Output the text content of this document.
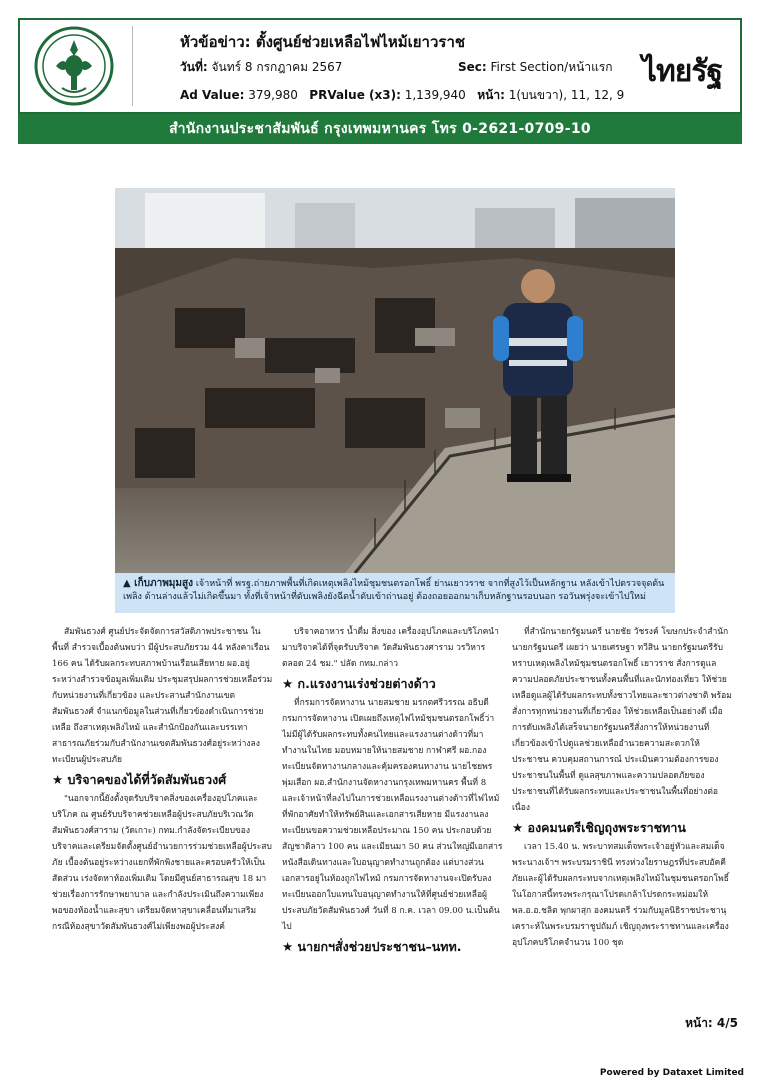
หัวข้อข่าว: ตั้งศูนย์ช่วยเหลือไฟไหม้เยาวราช
วันที่: จันทร์ 8 กรกฎาคม 2567	Sec: First Section/หน้าแรก
Ad Value: 379,980 PRValue (x3): 1,139,940 หน้า: 1(บนขวา), 11, 12, 9
ไทยรัฐ
สำนักงานประชาสัมพันธ์ กรุงเทพมหานคร โทร 0-2621-0709-10
▲ เก็บภาพมุมสูง เจ้าหน้าที่ พรฐ.ถ่ายภาพพื้นที่เกิดเหตุเพลิงไหม้ชุมชนตรอกโพธิ์ ย่านเยาวราช จากที่สูงไว้เป็นหลักฐาน หลังเข้าไปตรวจจุดต้นเพลิง ด้านล่างแล้วไม่เกิดขึ้นมา ทั้งที่เจ้าหน้าที่ดับเพลิงยังฉีดน้ำดับเข้าถ่านอยู่ ต้องถอยออกมาเก็บหลักฐานรอบนอก รอวันพรุ่งจะเข้าไปใหม่

สัมพันธวงศ์ ศูนย์ประจัดจัดการสวัสดิภาพประชาชน ในพื้นที่ สำรวจเบื้องต้นพบว่า มีผู้ประสบภัยรวม 44 หลังคาเรือน 166 คน ได้รับผลกระทบสภาพบ้านเรือนเสียหาย ผอ.อยู่ระหว่างสำรวจข้อมูลเพิ่มเติม ประชุมสรุปผลการช่วยเหลือร่วมกับหน่วยงานที่เกี่ยวข้อง และประสานสำนักงานเขตสัมพันธวงศ์ จำแนกข้อมูลในส่วนที่เกี่ยวข้องดำเนินการช่วยเหลือ ถึงสาเหตุเพลิงไหม้ และสำนักป้องกันและบรรเทาสาธารณภัยร่วมกับสำนักงานเขตสัมพันธวงศ์อยู่ระหว่างลงทะเบียนผู้ประสบภัย

★ บริจาคของได้ที่วัดสัมพันธวงศ์

"นอกจากนี้ยังตั้งจุดรับบริจาคสิ่งของเครื่องอุปโภคและบริโภค ณ ศูนย์รับบริจาคช่วยเหลือผู้ประสบภัยบริเวณวัดสัมพันธวงศ์สาราม (วัดเกาะ) กทม.กำลังจัดระเบียบของบริจาคและเตรียมจัดตั้งศูนย์อำนวยการร่วมช่วยเหลือผู้ประสบภัย เบื้องต้นอยู่ระหว่างแยกที่พักพิงชายและครอบครัวให้เป็นสัดส่วน เร่งจัดหาห้องเพิ่มเติม โดยมีศูนย์สาธารณสุข 18 มาช่วยเรื่องการรักษาพยาบาล และกำลังประเมินถึงความเพียงพอของห้องน้ำและสุขา เตรียมจัดหาสุขาเคลื่อนที่มาเสริม กรณีห้องสุขาวัดสัมพันธวงศ์ไม่เพียงพอผู้ประสงค์

บริจาคอาหาร น้ำดื่ม สิ่งของ เครื่องอุปโภคและบริโภคนำมาบริจาคได้ที่จุดรับบริจาค วัดสัมพันธวงศาราม วรวิหาร ตลอด 24 ชม." ปลัด กทม.กล่าว

★ ก.แรงงานเร่งช่วยต่างด้าว

ที่กรมการจัดหางาน นายสมชาย มรกตศรีวรรณ อธิบดีกรมการจัดหางาน เปิดเผยถึงเหตุไฟไหม้ชุมชนตรอกโพธิ์ว่าไม่มีผู้ได้รับผลกระทบทั้งคนไทยและแรงงานต่างด้าวที่มาทำงานในไทย มอบหมายให้นายสมชาย กาฬาศรี ผอ.กองทะเบียนจัดหางานกลางและคุ้มครองคนหางาน นายไชยพร พุ่มเสือก ผอ.สำนักงานจัดหางานกรุงเทพมหานคร พื้นที่ 8 และเจ้าหน้าที่ลงไปในการช่วยเหลือแรงงานต่างด้าวที่ไฟไหม้ที่พักอาศัยทำให้ทรัพย์สินและเอกสารเสียหาย มีแรงงานลงทะเบียนขอความช่วยเหลือประมาณ 150 คน ประกอบด้วยสัญชาติลาว 100 คน และเมียนมา 50 คน ส่วนใหญ่มีเอกสารหนังสือเดินทางและใบอนุญาตทำงานถูกต้อง แต่บางส่วนเอกสารอยู่ในห้องถูกไฟไหม้ กรมการจัดหางานจะเปิดรับลงทะเบียนออกใบแทนใบอนุญาตทำงานให้ที่ศูนย์ช่วยเหลือผู้ประสบภัยวัดสัมพันธวงศ์ วันที่ 8 ก.ค. เวลา 09.00 น.เป็นต้นไป

★ นายกฯสั่งช่วยประชาชน–นทท.

ที่สำนักนายกรัฐมนตรี นายชัย วัชรงค์ โฆษกประจำสำนักนายกรัฐมนตรี เผยว่า นายเศรษฐา ทวีสิน นายกรัฐมนตรีรับทราบเหตุเพลิงไหม้ชุมชนตรอกโพธิ์ เยาวราช สั่งการดูแลความปลอดภัยประชาชนทั้งคนพื้นที่และนักท่องเที่ยว ให้ช่วยเหลือดูแลผู้ได้รับผลกระทบทั้งชาวไทยและชาวต่างชาติ พร้อมสั่งการทุกหน่วยงานที่เกี่ยวข้อง ให้ช่วยเหลือเป็นอย่างดี เมื่อการดับเพลิงได้เสร็จนายกรัฐมนตรีสั่งการให้หน่วยงานที่เกี่ยวข้องเข้าไปดูแลช่วยเหลืออำนวยความสะดวกให้ประชาชน ควบคุมสถานการณ์ ประเมินความต้องการของประชาชนในพื้นที่ ดูแลสุขภาพและความปลอดภัยของประชาชนที่ได้รับผลกระทบและประชาชนในพื้นที่อย่างต่อเนื่อง

★ องคมนตรีเชิญถุงพระราชทาน

เวลา 15.40 น. พระบาทสมเด็จพระเจ้าอยู่หัวและสมเด็จพระนางเจ้าฯ พระบรมราชินี ทรงห่วงใยราษฎรที่ประสบอัคคีภัยและผู้ได้รับผลกระทบจากเหตุเพลิงไหม้ในชุมชนตรอกโพธิ์ ในโอกาสนี้ทรงพระกรุณาโปรดเกล้าโปรดกระหม่อมให้ พล.อ.อ.ชลิต พุกผาสุก องคมนตรี ร่วมกับมูลนิธิราชประชานุเคราะห์ในพระบรมราชูปถัมภ์ เชิญถุงพระราชทานและเครื่องอุปโภคบริโภคจำนวน 100 ชุด

หน้า: 4/5
Powered by Dataxet Limited
